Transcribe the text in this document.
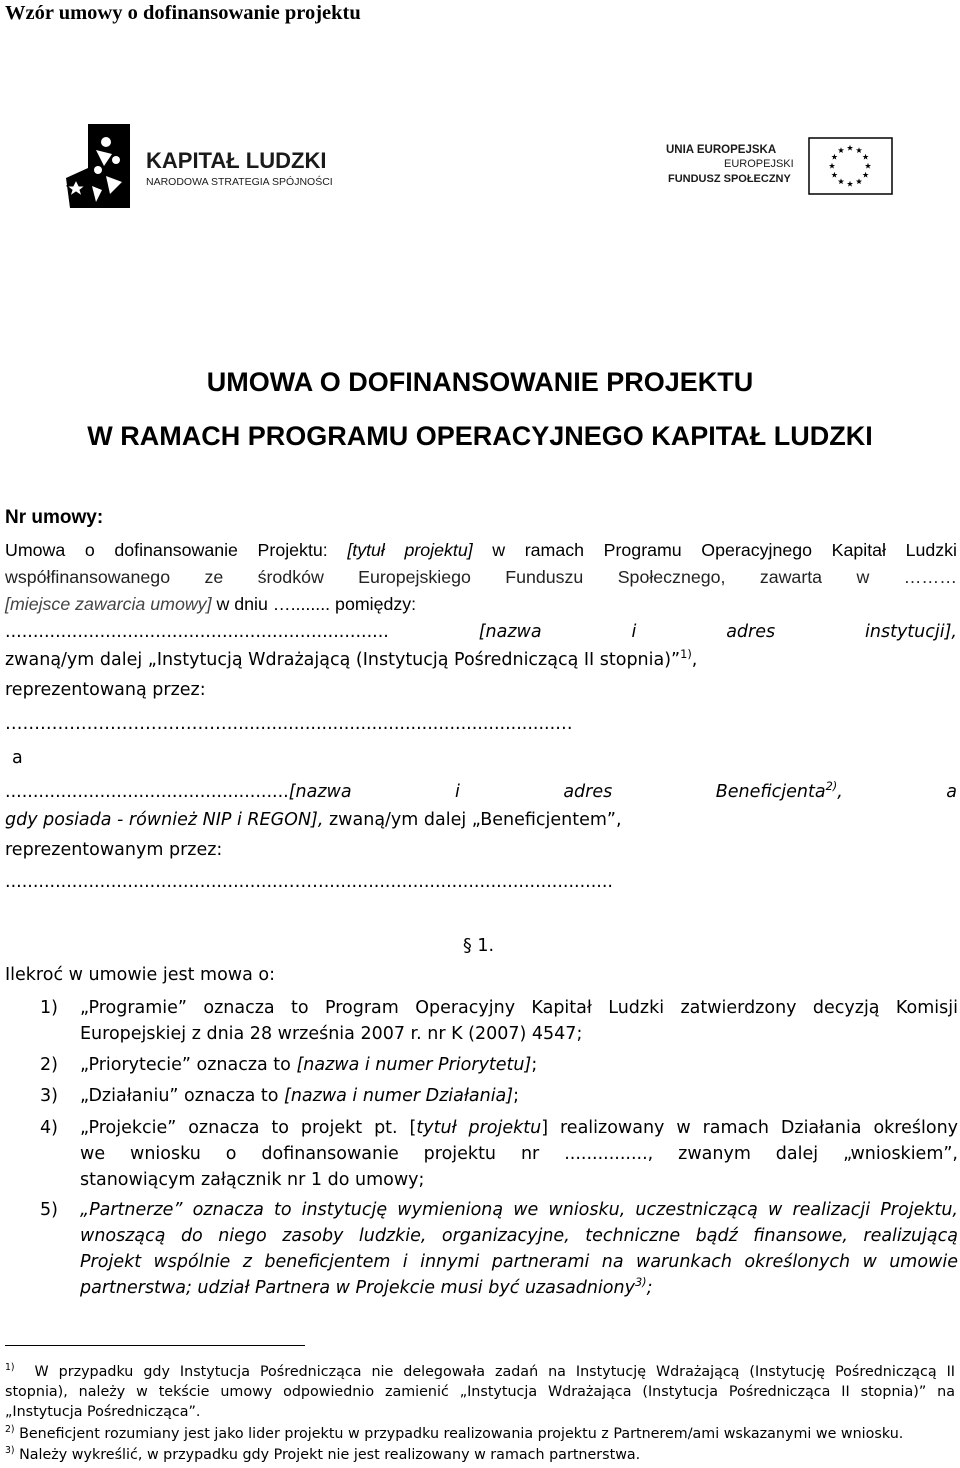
Wzór umowy o dofinansowanie projektu
KAPITAŁ LUDZKI
NARODOWA STRATEGIA SPÓJNOŚCI
UNIA EUROPEJSKA
EUROPEJSKI
FUNDUSZ SPOŁECZNY
UMOWA O DOFINANSOWANIE PROJEKTU
W RAMACH PROGRAMU OPERACYJNEGO KAPITAŁ LUDZKI
Nr umowy:
Umowa o dofinansowanie Projektu: [tytuł projektu] w ramach Programu Operacyjnego Kapitał Ludzki
współfinansowanego ze środków Europejskiego Funduszu Społecznego, zawarta w ………
[miejsce zawarcia umowy] w dniu …........ pomiędzy:
..................................................................... [nazwa i adres instytucji],
zwaną/ym dalej „Instytucją Wdrażającą (Instytucją Pośredniczącą II stopnia)”$^{1)}$,
reprezentowaną przez:
…………………………………..........................................................…
a
...................................................[nazwa i adres Beneficjenta$^{2)}$, a
gdy posiada - również NIP i REGON], zwaną/ym dalej „Beneficjentem”,
reprezentowanym przez:
...................................................……....................................................
§ 1.
Ilekroć w umowie jest mowa o:
1) „Programie” oznacza to Program Operacyjny Kapitał Ludzki zatwierdzony decyzją Komisji
Europejskiej z dnia 28 września 2007 r. nr K (2007) 4547;
2) „Priorytecie” oznacza to [nazwa i numer Priorytetu];
3) „Działaniu” oznacza to [nazwa i numer Działania];
4) „Projekcie” oznacza to projekt pt. [tytuł projektu] realizowany w ramach Działania określony
we wniosku o dofinansowanie projektu nr ..............., zwanym dalej „wnioskiem”,
stanowiącym załącznik nr 1 do umowy;
5) „Partnerze” oznacza to instytucję wymienioną we wniosku, uczestniczącą w realizacji Projektu,
wnoszącą do niego zasoby ludzkie, organizacyjne, techniczne bądź finansowe, realizującą
Projekt wspólnie z beneficjentem i innymi partnerami na warunkach określonych w umowie
partnerstwa; udział Partnera w Projekcie musi być uzasadniony$^{3)}$;
$^{1)}$ W przypadku gdy Instytucja Pośrednicząca nie delegowała zadań na Instytucję Wdrażającą (Instytucję Pośredniczącą II
stopnia), należy w tekście umowy odpowiednio zamienić „Instytucja Wdrażająca (Instytucja Pośrednicząca II stopnia)” na
„Instytucja Pośrednicząca”.
$^{2)}$ Beneficjent rozumiany jest jako lider projektu w przypadku realizowania projektu z Partnerem/ami wskazanymi we wniosku.
$^{3)}$ Należy wykreślić, w przypadku gdy Projekt nie jest realizowany w ramach partnerstwa.
